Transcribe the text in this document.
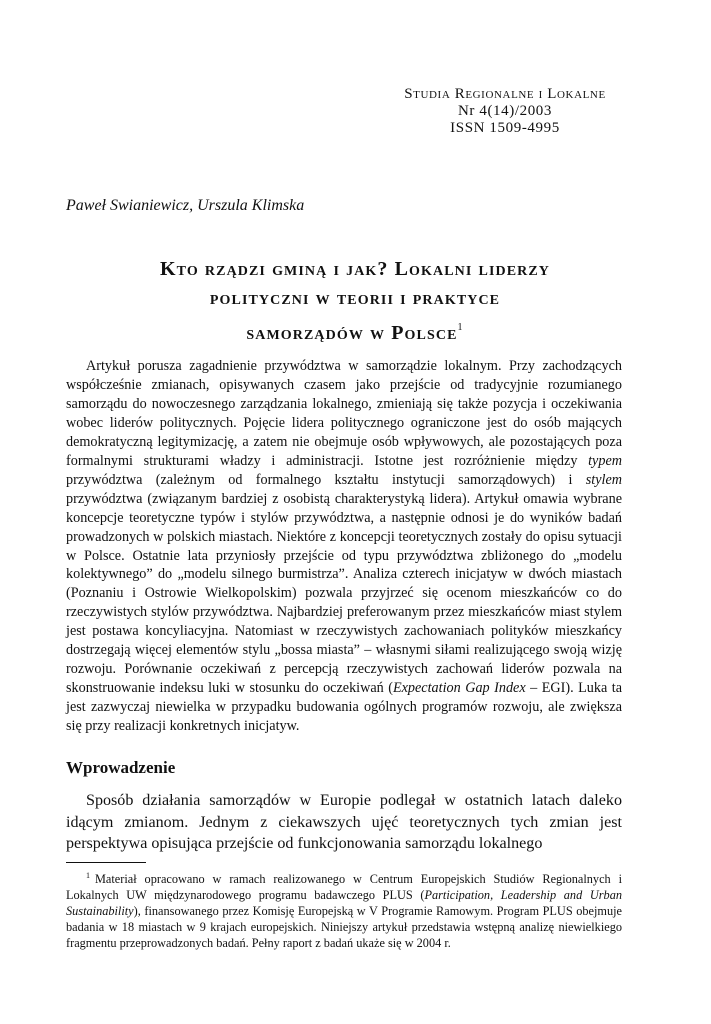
Studia Regionalne i Lokalne
Nr 4(14)/2003
ISSN 1509-4995
Paweł Swianiewicz, Urszula Klimska
Kto rządzi gminą i jak? Lokalni liderzy
polityczni w teorii i praktyce
samorządów w Polsce$^1$

Artykuł porusza zagadnienie przywództwa w samorządzie lokalnym. Przy zachodzących współcześnie zmianach, opisywanych czasem jako przejście od tradycyjnie rozumianego samorządu do nowoczesnego zarządzania lokalnego, zmieniają się także pozycja i oczekiwania wobec liderów politycznych. Pojęcie lidera politycznego ograniczone jest do osób mających demokratyczną legitymizację, a zatem nie obejmuje osób wpływowych, ale pozostających poza formalnymi strukturami władzy i administracji. Istotne jest rozróżnienie między typem przywództwa (zależnym od formalnego kształtu instytucji samorządowych) i stylem przywództwa (związanym bardziej z osobistą charakterystyką lidera). Artykuł omawia wybrane koncepcje teoretyczne typów i stylów przywództwa, a następnie odnosi je do wyników badań prowadzonych w polskich miastach. Niektóre z koncepcji teoretycznych zostały do opisu sytuacji w Polsce. Ostatnie lata przyniosły przejście od typu przywództwa zbliżonego do „modelu kolektywnego” do „modelu silnego burmistrza”. Analiza czterech inicjatyw w dwóch miastach (Poznaniu i Ostrowie Wielkopolskim) pozwala przyjrzeć się ocenom mieszkańców co do rzeczywistych stylów przywództwa. Najbardziej preferowanym przez mieszkańców miast stylem jest postawa koncyliacyjna. Natomiast w rzeczywistych zachowaniach polityków mieszkańcy dostrzegają więcej elementów stylu „bossa miasta” – własnymi siłami realizującego swoją wizję rozwoju. Porównanie oczekiwań z percepcją rzeczywistych zachowań liderów pozwala na skonstruowanie indeksu luki w stosunku do oczekiwań (Expectation Gap Index – EGI). Luka ta jest zazwyczaj niewielka w przypadku budowania ogólnych programów rozwoju, ale zwiększa się przy realizacji konkretnych inicjatyw.

Wprowadzenie

Sposób działania samorządów w Europie podlegał w ostatnich latach daleko idącym zmianom. Jednym z ciekawszych ujęć teoretycznych tych zmian jest perspektywa opisująca przejście od funkcjonowania samorządu lokalnego

$^1$ Materiał opracowano w ramach realizowanego w Centrum Europejskich Studiów Regionalnych i Lokalnych UW międzynarodowego programu badawczego PLUS (Participation, Leadership and Urban Sustainability), finansowanego przez Komisję Europejską w V Programie Ramowym. Program PLUS obejmuje badania w 18 miastach w 9 krajach europejskich. Niniejszy artykuł przedstawia wstępną analizę niewielkiego fragmentu przeprowadzonych badań. Pełny raport z badań ukaże się w 2004 r.
